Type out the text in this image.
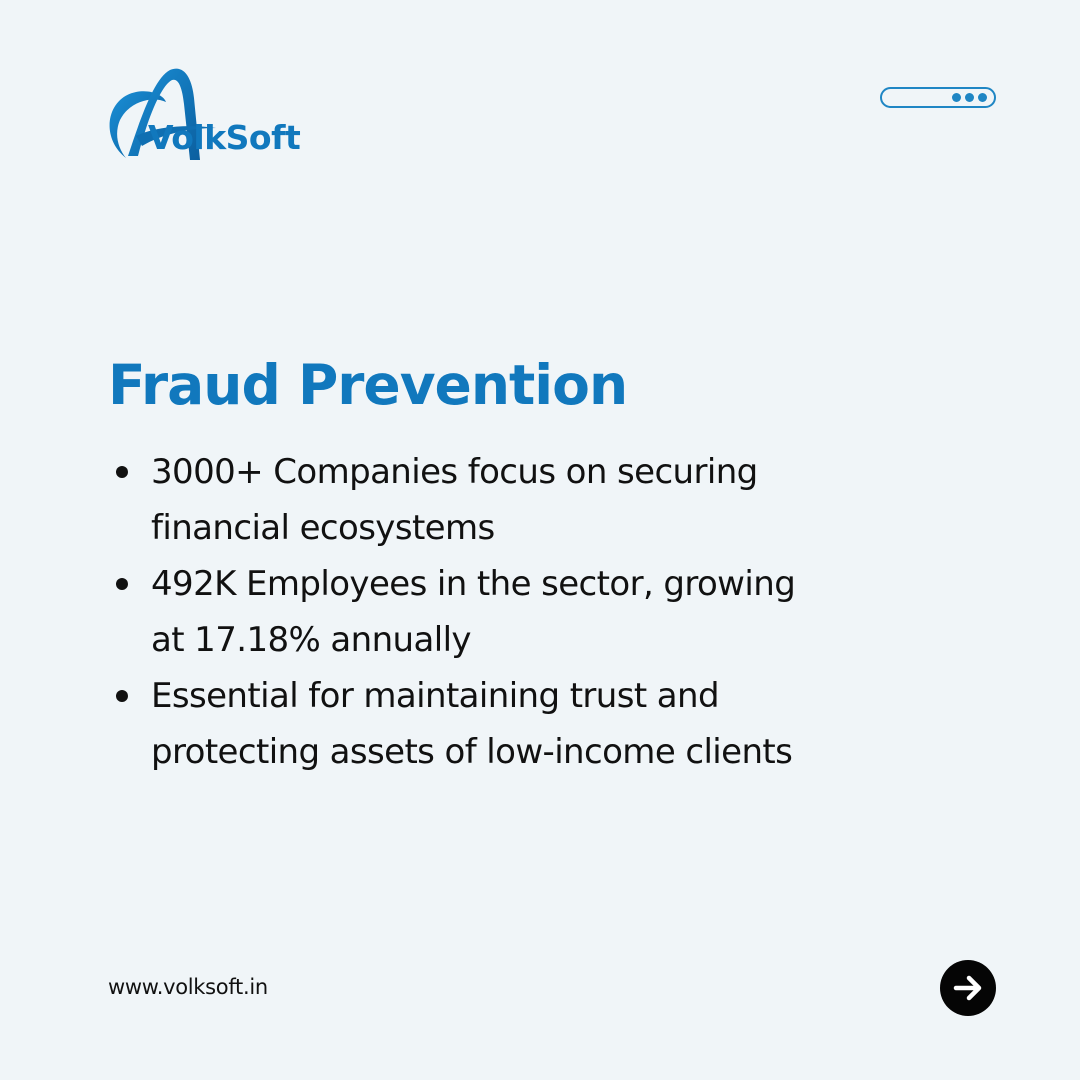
VolkSoft
Fraud Prevention
3000+ Companies focus on securing
financial ecosystems
492K Employees in the sector, growing
at 17.18% annually
Essential for maintaining trust and
protecting assets of low-income clients
www.volksoft.in
